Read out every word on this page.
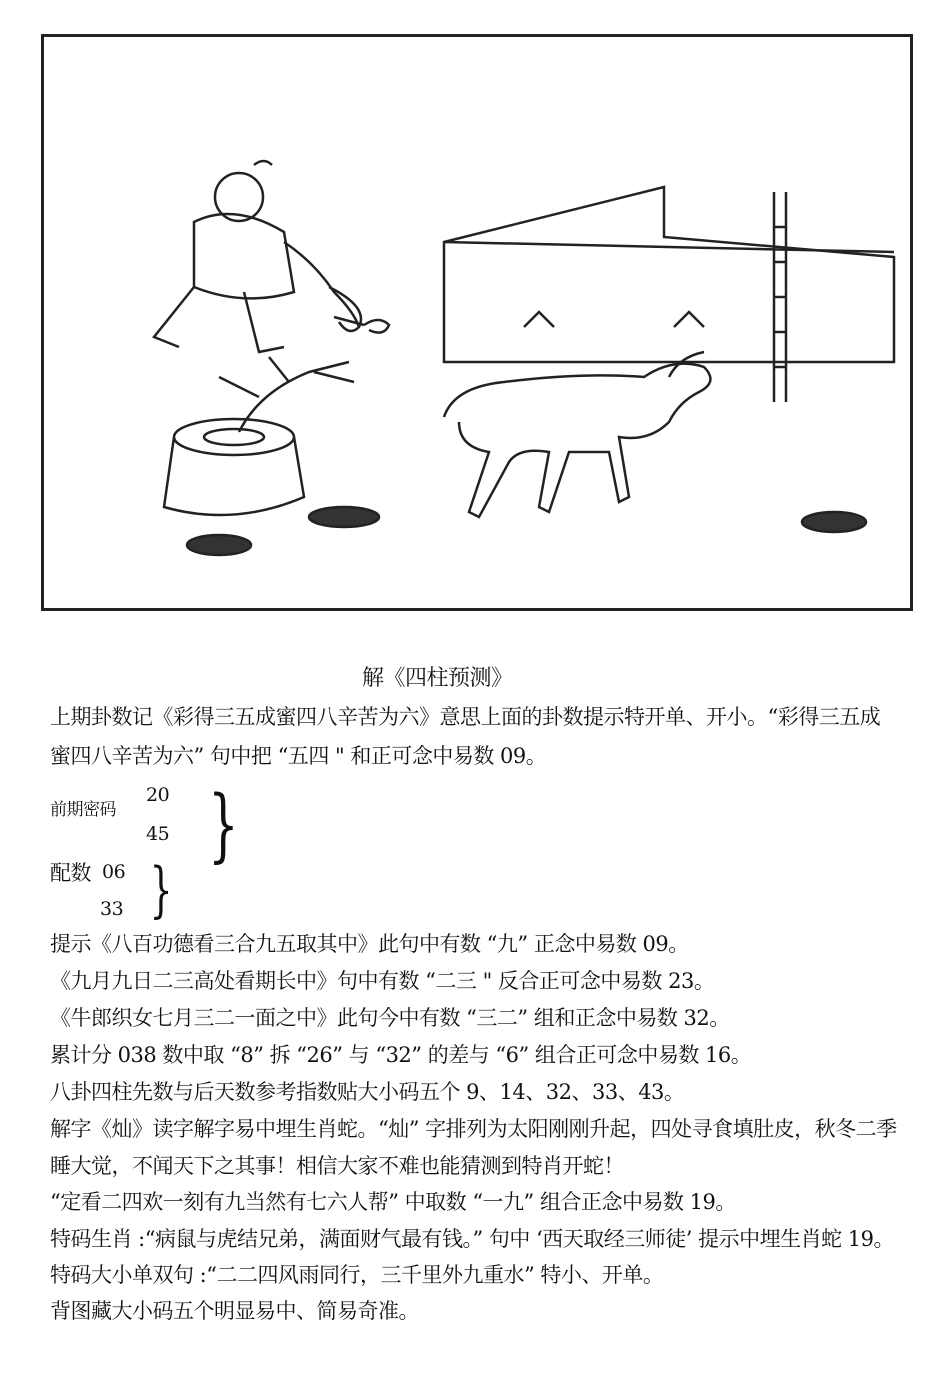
解《四柱预测》
上期卦数记《彩得三五成蜜四八辛苦为六》意思上面的卦数提示特开单、开小。“彩得三五成
蜜四八辛苦为六” 句中把 “五四 " 和正可念中易数 09。
前期密码
20
45 }
配数 06
33 }
提示《八百功德看三合九五取其中》此句中有数 “九” 正念中易数 09。
《九月九日二三高处看期长中》句中有数 “二三 " 反合正可念中易数 23。
《牛郎织女七月三二一面之中》此句今中有数 “三二” 组和正念中易数 32。
累计分 038 数中取 “8” 拆 “26” 与 “32” 的差与 “6” 组合正可念中易数 16。
八卦四柱先数与后天数参考指数贴大小码五个 9、14、32、33、43。
解字《灿》读字解字易中埋生肖蛇。“灿” 字排列为太阳刚刚升起，四处寻食填肚皮，秋冬二季
睡大觉，不闻天下之其事！相信大家不难也能猜测到特肖开蛇！
“定看二四欢一刻有九当然有七六人帮” 中取数 “一九” 组合正念中易数 19。
特码生肖 :“病鼠与虎结兄弟，满面财气最有钱。” 句中 ‘西天取经三师徒’ 提示中埋生肖蛇 19。
特码大小单双句 :“二二四风雨同行，三千里外九重水” 特小、开单。
背图藏大小码五个明显易中、简易奇准。
